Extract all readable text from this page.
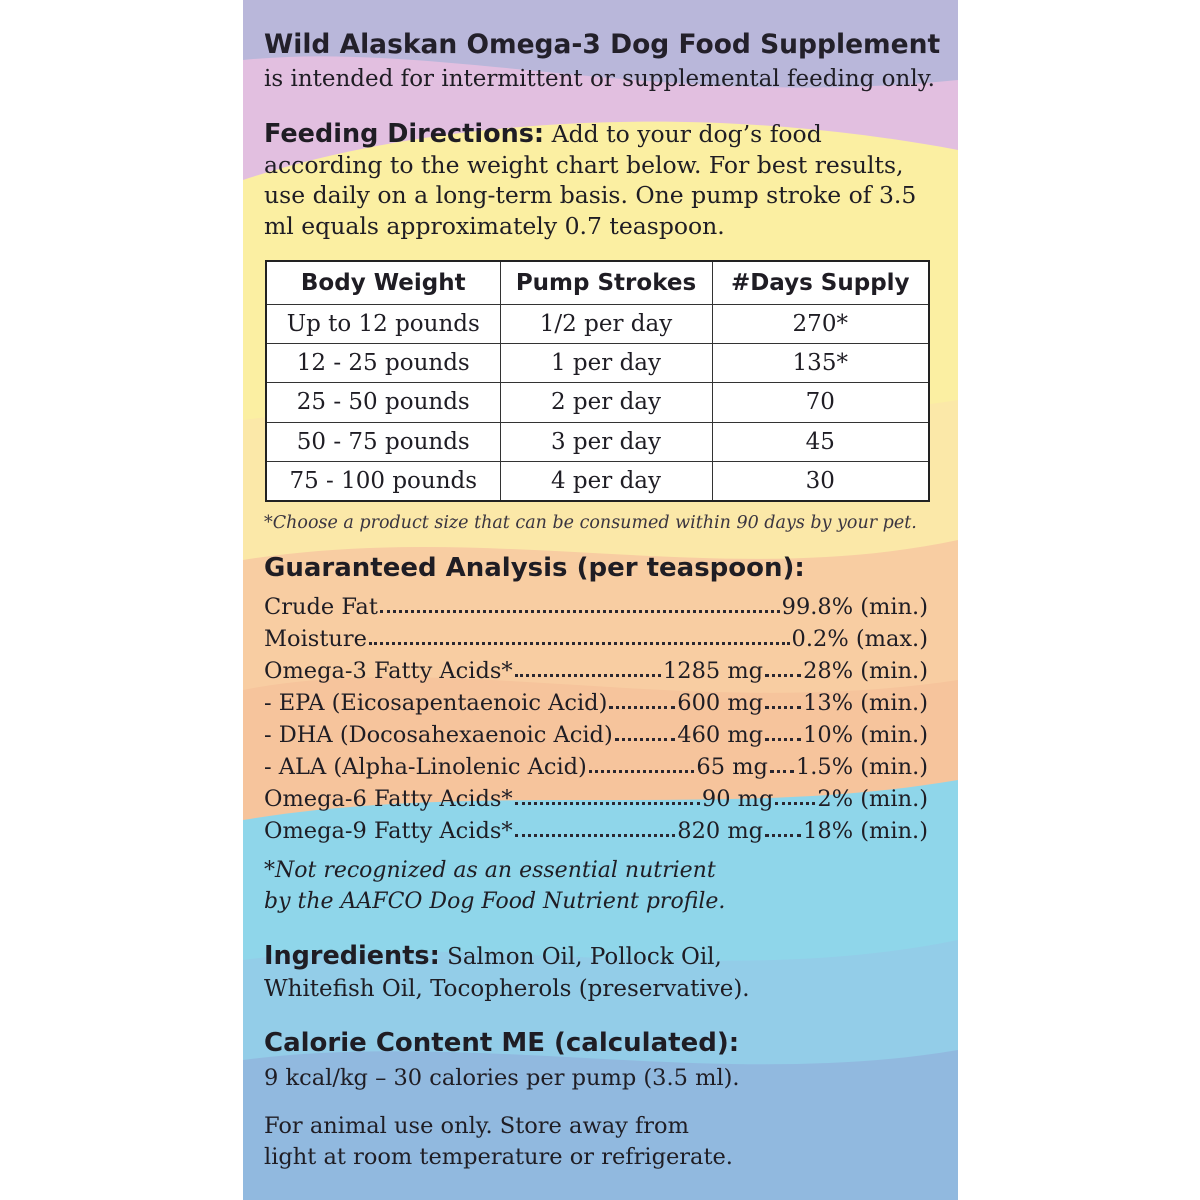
Wild Alaskan Omega-3 Dog Food Supplement
is intended for intermittent or supplemental feeding only.
Feeding Directions: Add to your dog’s food
according to the weight chart below. For best results,
use daily on a long-term basis. One pump stroke of 3.5
ml equals approximately 0.7 teaspoon.
Body Weight	Pump Strokes	#Days Supply
Up to 12 pounds	1/2 per day	270*
12 - 25 pounds	1 per day	135*
25 - 50 pounds	2 per day	70
50 - 75 pounds	3 per day	45
75 - 100 pounds	4 per day	30
*Choose a product size that can be consumed within 90 days by your pet.
Guaranteed Analysis (per teaspoon):
Crude Fat	99.8% (min.)
Moisture	0.2% (max.)
Omega-3 Fatty Acids*	1285 mg 28% (min.)
- EPA (Eicosapentaenoic Acid)	600 mg 13% (min.)
- DHA (Docosahexaenoic Acid)	460 mg 10% (min.)
- ALA (Alpha-Linolenic Acid)	65 mg 1.5% (min.)
Omega-6 Fatty Acids*	90 mg 2% (min.)
Omega-9 Fatty Acids*	820 mg 18% (min.)
*Not recognized as an essential nutrient
by the AAFCO Dog Food Nutrient profile.
Ingredients: Salmon Oil, Pollock Oil,
Whitefish Oil, Tocopherols (preservative).
Calorie Content ME (calculated):
9 kcal/kg – 30 calories per pump (3.5 ml).
For animal use only. Store away from
light at room temperature or refrigerate.
